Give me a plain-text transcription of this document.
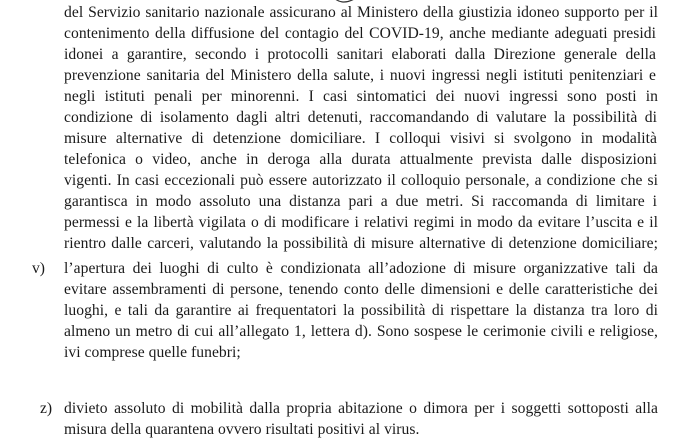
del Servizio sanitario nazionale assicurano al Ministero della giustizia idoneo supporto per il
contenimento della diffusione del contagio del COVID-19, anche mediante adeguati presidi
idonei a garantire, secondo i protocolli sanitari elaborati dalla Direzione generale della
prevenzione sanitaria del Ministero della salute, i nuovi ingressi negli istituti penitenziari e
negli istituti penali per minorenni. I casi sintomatici dei nuovi ingressi sono posti in
condizione di isolamento dagli altri detenuti, raccomandando di valutare la possibilità di
misure alternative di detenzione domiciliare. I colloqui visivi si svolgono in modalità
telefonica o video, anche in deroga alla durata attualmente prevista dalle disposizioni
vigenti. In casi eccezionali può essere autorizzato il colloquio personale, a condizione che si
garantisca in modo assoluto una distanza pari a due metri. Si raccomanda di limitare i
permessi e la libertà vigilata o di modificare i relativi regimi in modo da evitare l’uscita e il
rientro dalle carceri, valutando la possibilità di misure alternative di detenzione domiciliare;
v) l’apertura dei luoghi di culto è condizionata all’adozione di misure organizzative tali da
evitare assembramenti di persone, tenendo conto delle dimensioni e delle caratteristiche dei
luoghi, e tali da garantire ai frequentatori la possibilità di rispettare la distanza tra loro di
almeno un metro di cui all’allegato 1, lettera d). Sono sospese le cerimonie civili e religiose,
ivi comprese quelle funebri;
z) divieto assoluto di mobilità dalla propria abitazione o dimora per i soggetti sottoposti alla
misura della quarantena ovvero risultati positivi al virus.
